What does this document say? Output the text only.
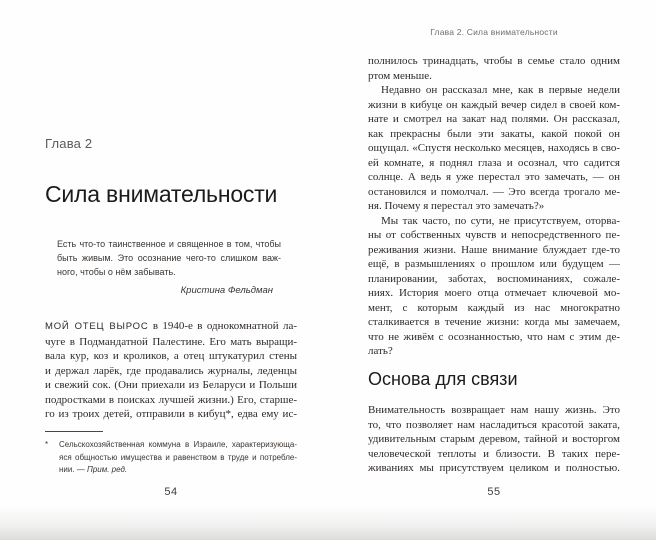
Глава 2
Сила внимательности
Есть что-то таинственное и священное в том, чтобы
быть живым. Это осознание чего-то слишком важ-
ного, чтобы о нём забывать.
Кристина Фельдман
МОЙ ОТЕЦ ВЫРОС в 1940-е в однокомнатной ла-
чуге в Подмандатной Палестине. Его мать выращи-
вала кур, коз и кроликов, а отец штукатурил стены
и держал ларёк, где продавались журналы, леденцы
и свежий сок. (Они приехали из Беларуси и Польши
подростками в поисках лучшей жизни.) Его, старше-
го из троих детей, отправили в кибуц*, едва ему ис-
*	Сельскохозяйственная коммуна в Израиле, характеризующа-
яся общностью имущества и равенством в труде и потребле-
нии. — Прим. ред.
54
Глава 2. Сила внимательности
полнилось тринадцать, чтобы в семье стало одним
ртом меньше.
Недавно он рассказал мне, как в первые недели
жизни в кибуце он каждый вечер сидел в своей ком-
нате и смотрел на закат над полями. Он рассказал,
как прекрасны были эти закаты, какой покой он
ощущал. «Спустя несколько месяцев, находясь в сво-
ей комнате, я поднял глаза и осознал, что садится
солнце. А ведь я уже перестал это замечать, — он
остановился и помолчал. — Это всегда трогало ме-
ня. Почему я перестал это замечать?»
Мы так часто, по сути, не присутствуем, оторва-
ны от собственных чувств и непосредственного пе-
реживания жизни. Наше внимание блуждает где-то
ещё, в размышлениях о прошлом или будущем —
планировании, заботах, воспоминаниях, сожале-
ниях. История моего отца отмечает ключевой мо-
мент, с которым каждый из нас многократно
сталкивается в течение жизни: когда мы замечаем,
что не живём с осознанностью, что нам с этим де-
лать?
Основа для связи
Внимательность возвращает нам нашу жизнь. Это
то, что позволяет нам насладиться красотой заката,
удивительным старым деревом, тайной и восторгом
человеческой теплоты и близости. В таких пере-
живаниях мы присутствуем целиком и полностью.
55
